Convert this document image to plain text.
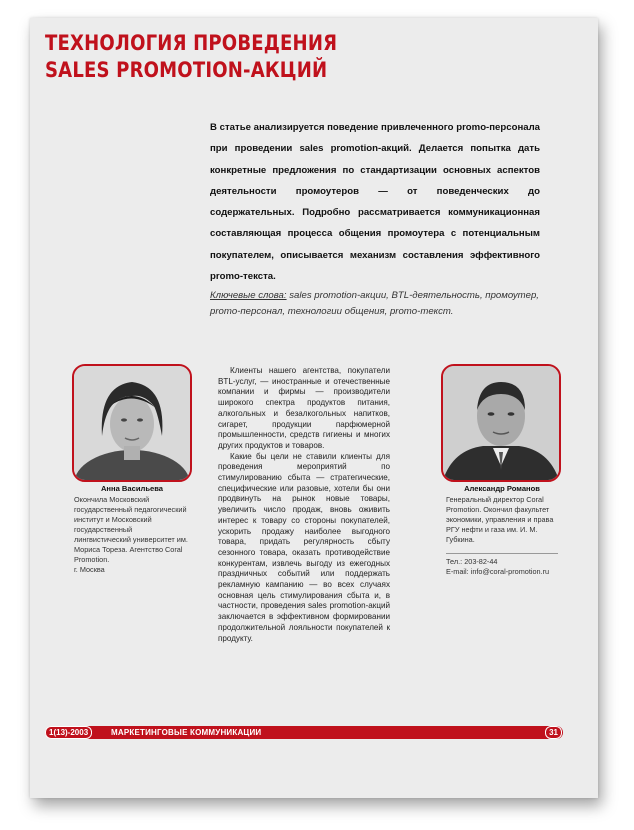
ТЕХНОЛОГИЯ ПРОВЕДЕНИЯ
SALES PROMOTION-АКЦИЙ
В статье анализируется поведение привлеченного promo-персонала при проведении sales promotion-акций. Делается попытка дать конкретные предложения по стандартизации основных аспектов деятельности промоутеров — от поведенческих до содержательных. Подробно рассматривается коммуникационная составляющая процесса общения промоутера с потенциальным покупателем, описывается механизм составления эффективного promo-текста.
Ключевые слова: sales promotion-акции, BTL-деятельность, промоутер, promo-персонал, технологии общения, promo-текст.
Анна Васильева
Окончила Московский государственный педагогический институт и Московский государственный лингвистический университет им. Мориса Тореза. Агентство Coral Promotion.
г. Москва
Александр Романов
Генеральный директор Coral Promotion. Окончил факультет экономики, управления и права РГУ нефти и газа им. И. М. Губкина.
Тел.: 203-82-44
E-mail: info@coral-promotion.ru

Клиенты нашего агентства, покупатели BTL-услуг, — иностранные и отечественные компании и фирмы — производители широкого спектра продуктов питания, алкогольных и безалкогольных напитков, сигарет, продукции парфюмерной промышленности, средств гигиены и многих других продуктов и товаров.

Какие бы цели не ставили клиенты для проведения мероприятий по стимулированию сбыта — стратегические, специфические или разовые, хотели бы они продвинуть на рынок новые товары, увеличить число продаж, вновь оживить интерес к товару со стороны покупателей, ускорить продажу наиболее выгодного товара, придать регулярность сбыту сезонного товара, оказать противодействие конкурентам, извлечь выгоду из ежегодных праздничных событий или поддержать рекламную кампанию — во всех случаях основная цель стимулирования сбыта и, в частности, проведения sales promotion-акций заключается в эффективном формировании продолжительной лояльности покупателей к продукту.

1(13)-2003	МАРКЕТИНГОВЫЕ КОММУНИКАЦИИ	31
